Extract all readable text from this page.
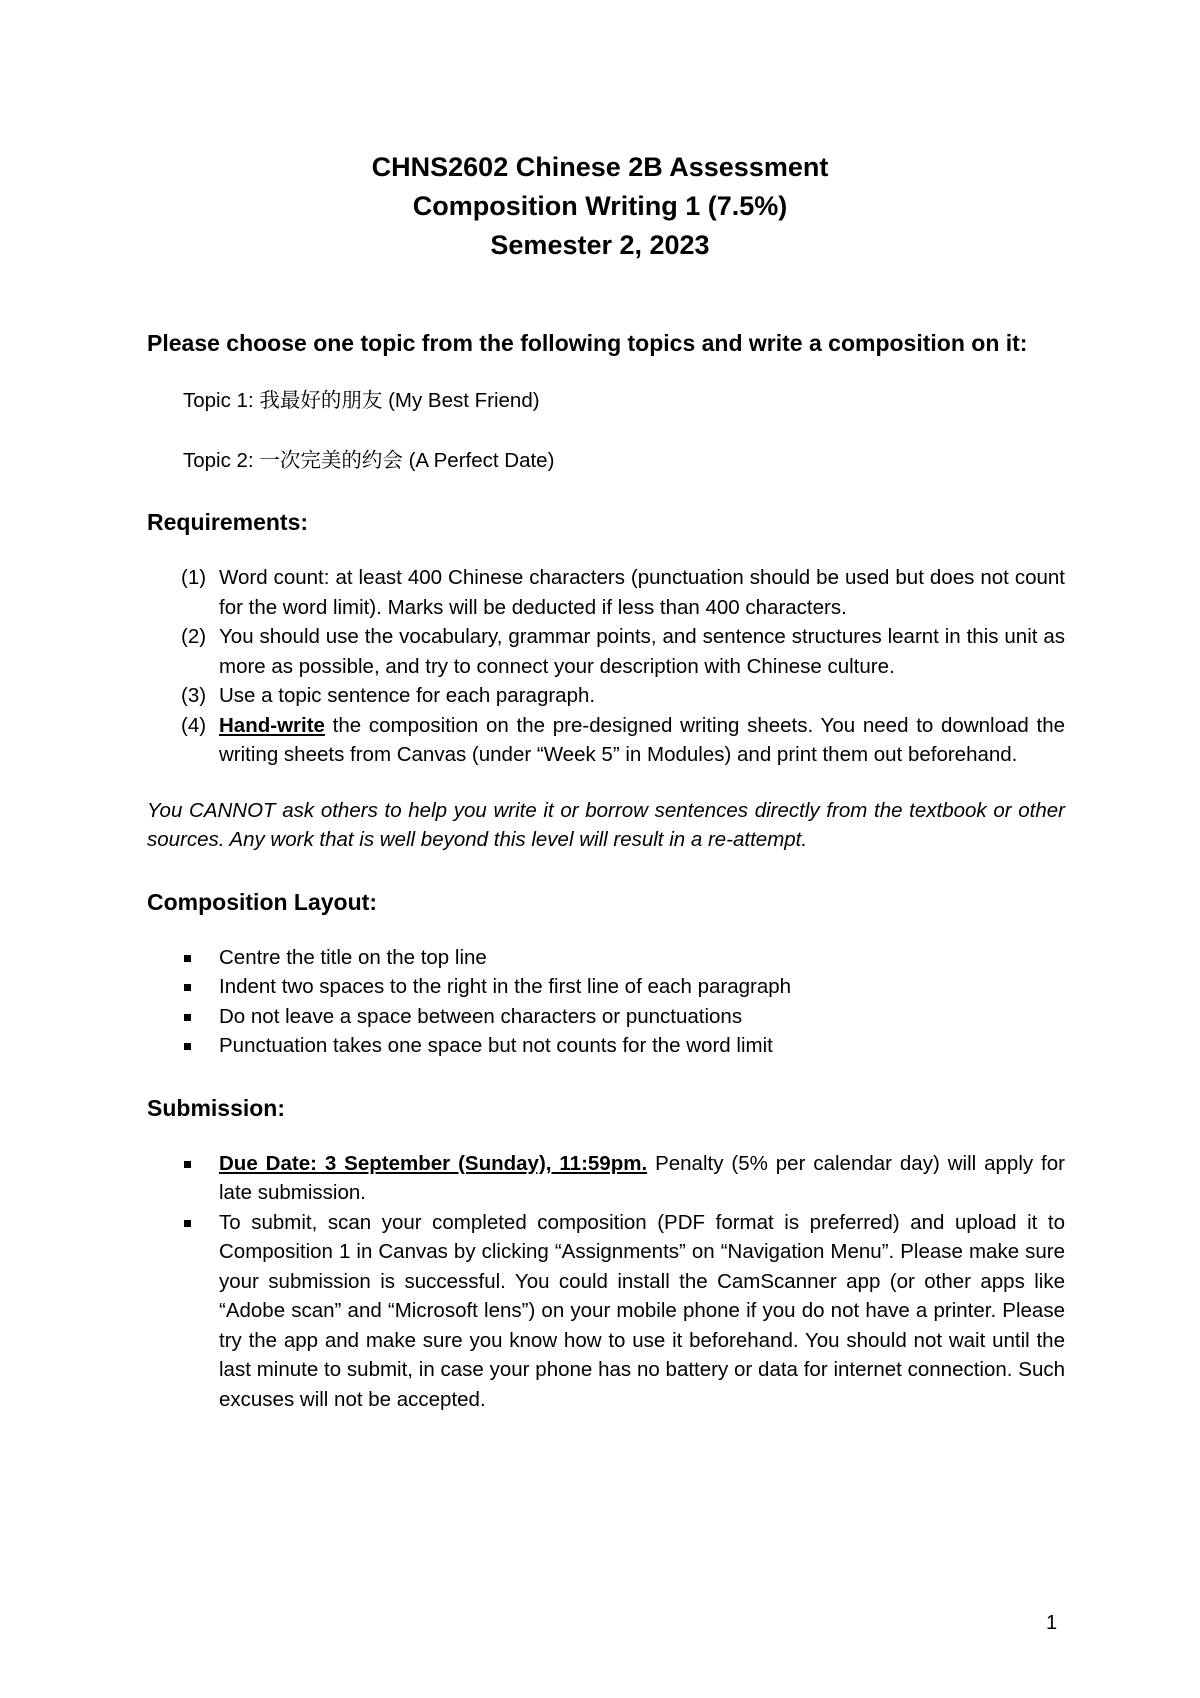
CHNS2602 Chinese 2B Assessment
Composition Writing 1 (7.5%)
Semester 2, 2023

Please choose one topic from the following topics and write a composition on it:

Topic 1: 我最好的朋友 (My Best Friend)
Topic 2: 一次完美的约会 (A Perfect Date)
Requirements:
(1) Word count: at least 400 Chinese characters (punctuation should be used but does not count for the word limit). Marks will be deducted if less than 400 characters.
(2) You should use the vocabulary, grammar points, and sentence structures learnt in this unit as more as possible, and try to connect your description with Chinese culture.
(3) Use a topic sentence for each paragraph.
(4) Hand-write the composition on the pre-designed writing sheets. You need to download the writing sheets from Canvas (under “Week 5” in Modules) and print them out beforehand.

You CANNOT ask others to help you write it or borrow sentences directly from the textbook or other sources. Any work that is well beyond this level will result in a re-attempt.

Composition Layout:
Centre the title on the top line
Indent two spaces to the right in the first line of each paragraph
Do not leave a space between characters or punctuations
Punctuation takes one space but not counts for the word limit
Submission:
Due Date: 3 September (Sunday), 11:59pm. Penalty (5% per calendar day) will apply for late submission.
To submit, scan your completed composition (PDF format is preferred) and upload it to Composition 1 in Canvas by clicking “Assignments” on “Navigation Menu”. Please make sure your submission is successful. You could install the CamScanner app (or other apps like “Adobe scan” and “Microsoft lens”) on your mobile phone if you do not have a printer. Please try the app and make sure you know how to use it beforehand. You should not wait until the last minute to submit, in case your phone has no battery or data for internet connection. Such excuses will not be accepted.
1
